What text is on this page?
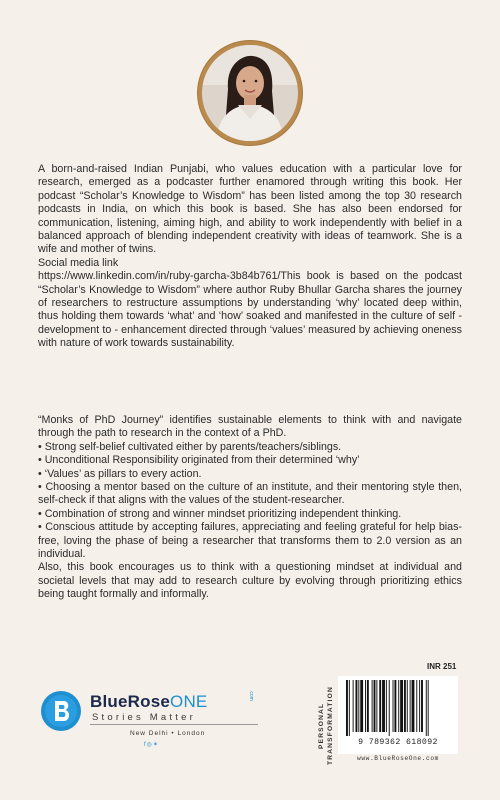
A born-and-raised Indian Punjabi, who values education with a particular love for research, emerged as a podcaster further enamored through writing this book. Her podcast “Scholar’s Knowledge to Wisdom” has been listed among the top 30 research podcasts in India, on which this book is based. She has also been endorsed for communication, listening, aiming high, and ability to work independently with belief in a balanced approach of blending independent creativity with ideas of teamwork. She is a wife and mother of twins.

Social media link

https://www.linkedin.com/in/ruby-garcha-3b84b761/This book is based on the podcast “Scholar’s Knowledge to Wisdom” where author Ruby Bhullar Garcha shares the journey of researchers to restructure assumptions by understanding ‘why’ located deep within, thus holding them towards ‘what’ and ‘how’ soaked and manifested in the culture of self - development to - enhancement directed through ‘values’ measured by achieving oneness with nature of work towards sustainability.

“Monks of PhD Journey” identifies sustainable elements to think with and navigate through the path to research in the context of a PhD.

• Strong self-belief cultivated either by parents/teachers/siblings.

• Unconditional Responsibility originated from their determined ‘why’

• ‘Values’ as pillars to every action.

• Choosing a mentor based on the culture of an institute, and their mentoring style then, self-check if that aligns with the values of the student-researcher.

• Combination of strong and winner mindset prioritizing independent thinking.

• Conscious attitude by accepting failures, appreciating and feeling grateful for help bias-free, loving the phase of being a researcher that transforms them to 2.0 version as an individual.

Also, this book encourages us to think with a questioning mindset at individual and societal levels that may add to research culture by evolving through prioritizing ethics being taught formally and informally.

BlueRoseONE	.com
Stories Matter
New Delhi • London
f◎✶	PERSONAL TRANSFORMATION
INR 251
9 789362 618092
www.BlueRoseOne.com
